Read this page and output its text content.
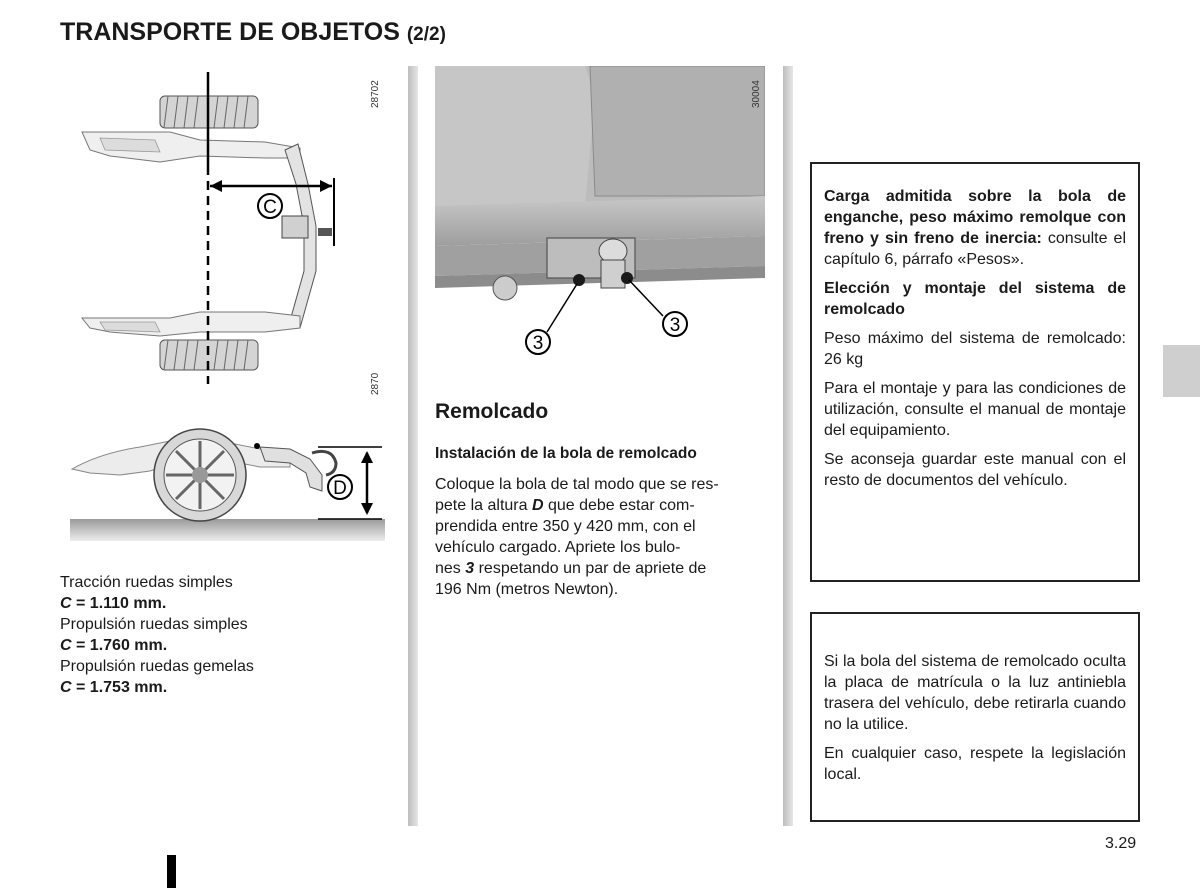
TRANSPORTE DE OBJETOS (2/2)
C
28702
D
2870
3
3
30004
Tracción ruedas simples
C = 1.110 mm.
Propulsión ruedas simples
C = 1.760 mm.
Propulsión ruedas gemelas
C = 1.753 mm.
Remolcado
Instalación de la bola de remolcado
Coloque la bola de tal modo que se res-
pete la altura D que debe estar com-
prendida entre 350 y 420 mm, con el
vehículo cargado. Apriete los bulo-
nes 3 respetando un par de apriete de
196 Nm (metros Newton).

Carga admitida sobre la bola de enganche, peso máximo remolque con freno y sin freno de inercia: consulte el capítulo 6, párrafo «Pesos».

Elección y montaje del sistema de remolcado

Peso máximo del sistema de remolcado: 26 kg

Para el montaje y para las condiciones de utilización, consulte el manual de montaje del equipamiento.

Se aconseja guardar este manual con el resto de documentos del vehículo.

Si la bola del sistema de remolcado oculta la placa de matrícula o la luz antiniebla trasera del vehículo, debe retirarla cuando no la utilice.

En cualquier caso, respete la legislación local.

3.29
